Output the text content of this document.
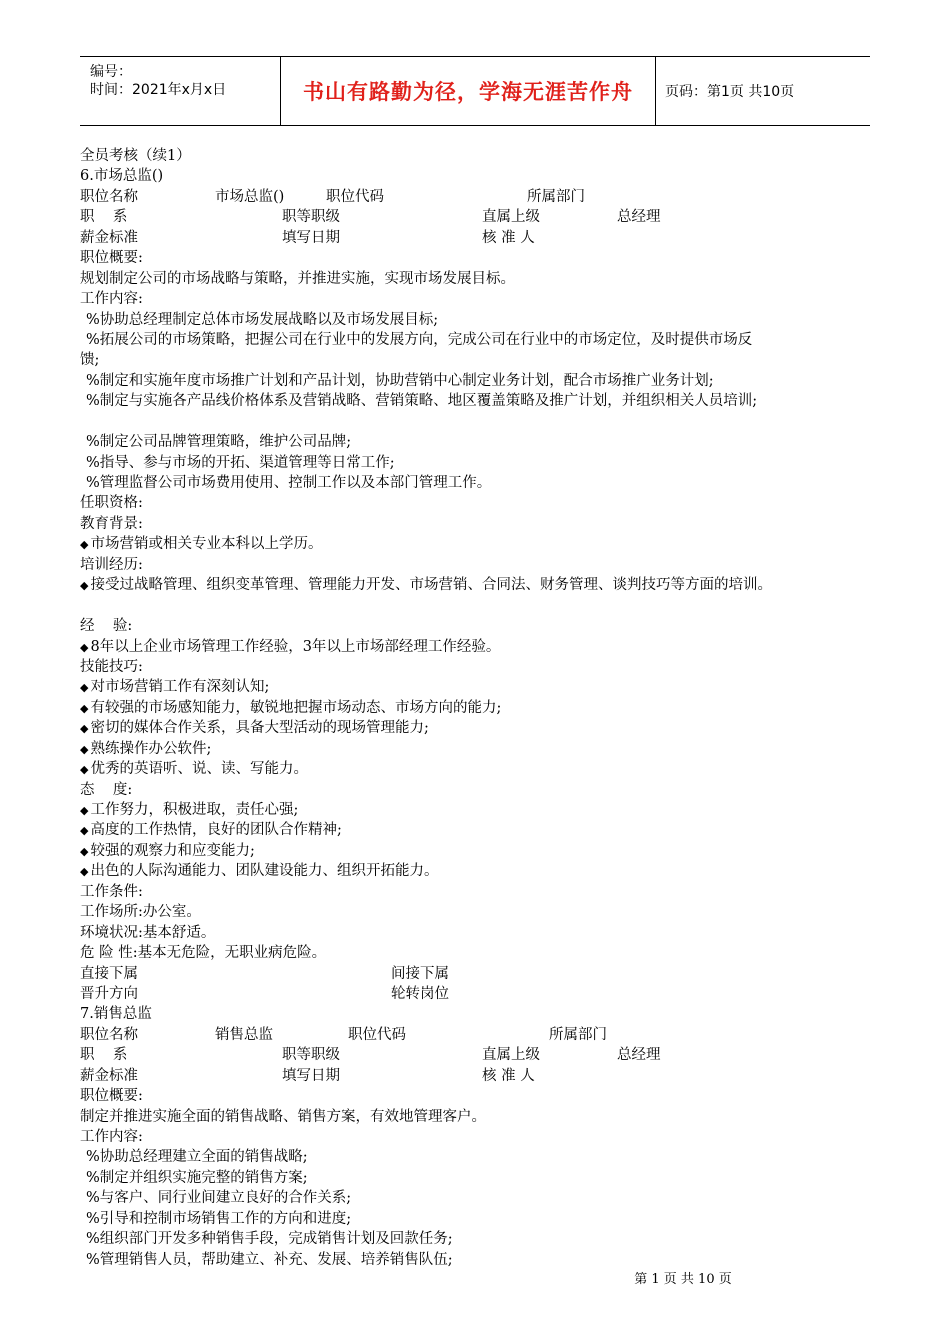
编号：
时间：2021年x月x日	书山有路勤为径，学海无涯苦作舟	页码：第1页 共10页
全员考核（续1）
6.市场总监()
职位名称	市场总监()	职位代码	所属部门
职    系	职等职级	直属上级	总经理
薪金标准	填写日期	核 准 人
职位概要:
规划制定公司的市场战略与策略，并推进实施，实现市场发展目标。
工作内容:
%协助总经理制定总体市场发展战略以及市场发展目标;
%拓展公司的市场策略，把握公司在行业中的发展方向，完成公司在行业中的市场定位，及时提供市场反
馈;
%制定和实施年度市场推广计划和产品计划，协助营销中心制定业务计划，配合市场推广业务计划;
%制定与实施各产品线价格体系及营销战略、营销策略、地区覆盖策略及推广计划，并组织相关人员培训;
%制定公司品牌管理策略，维护公司品牌;
%指导、参与市场的开拓、渠道管理等日常工作;
%管理监督公司市场费用使用、控制工作以及本部门管理工作。
任职资格:
教育背景:
◆ 市场营销或相关专业本科以上学历。
培训经历:
◆ 接受过战略管理、组织变革管理、管理能力开发、市场营销、合同法、财务管理、谈判技巧等方面的培训。
经    验:
◆ 8年以上企业市场管理工作经验，3年以上市场部经理工作经验。
技能技巧:
◆ 对市场营销工作有深刻认知;
◆ 有较强的市场感知能力，敏锐地把握市场动态、市场方向的能力;
◆ 密切的媒体合作关系，具备大型活动的现场管理能力;
◆ 熟练操作办公软件;
◆ 优秀的英语听、说、读、写能力。
态    度:
◆ 工作努力，积极进取，责任心强;
◆ 高度的工作热情，良好的团队合作精神;
◆ 较强的观察力和应变能力;
◆ 出色的人际沟通能力、团队建设能力、组织开拓能力。
工作条件:
工作场所:办公室。
环境状况:基本舒适。
危 险 性:基本无危险，无职业病危险。
直接下属	间接下属
晋升方向	轮转岗位
7.销售总监
职位名称	销售总监	职位代码	所属部门
职    系	职等职级	直属上级	总经理
薪金标准	填写日期	核 准 人
职位概要:
制定并推进实施全面的销售战略、销售方案，有效地管理客户。
工作内容:
%协助总经理建立全面的销售战略;
%制定并组织实施完整的销售方案;
%与客户、同行业间建立良好的合作关系;
%引导和控制市场销售工作的方向和进度;
%组织部门开发多种销售手段，完成销售计划及回款任务;
%管理销售人员，帮助建立、补充、发展、培养销售队伍;
第 1 页 共 10 页
